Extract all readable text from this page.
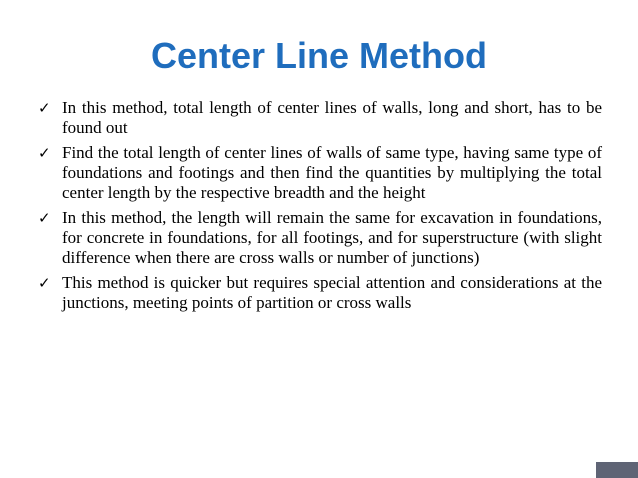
Center Line Method
✓ In this method, total length of center lines of walls, long and short, has to be found out
✓ Find the total length of center lines of walls of same type, having same type of foundations and footings and then find the quantities by multiplying the total center length by the respective breadth and the height
✓ In this method, the length will remain the same for excavation in foundations, for concrete in foundations, for all footings, and for superstructure (with slight difference when there are cross walls or number of junctions)
✓ This method is quicker but requires special attention and considerations at the junctions, meeting points of partition or cross walls
